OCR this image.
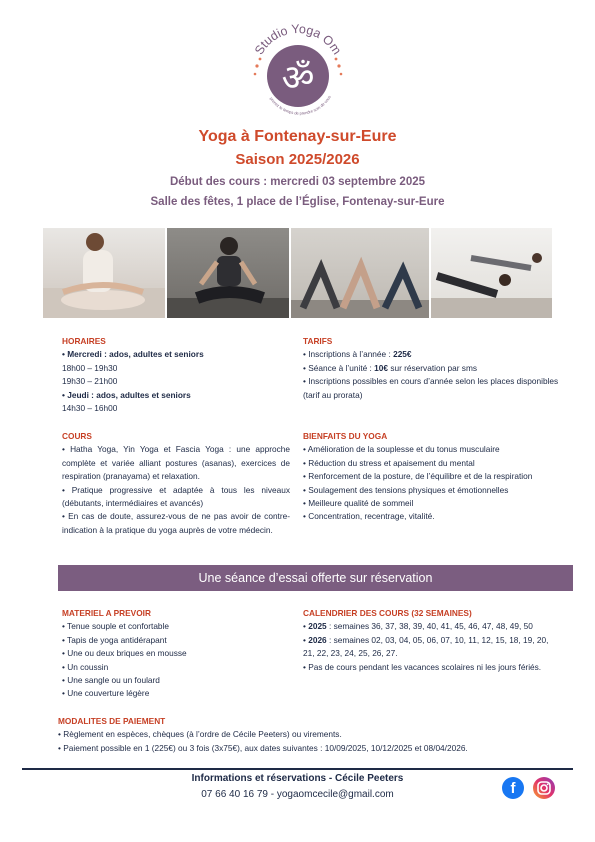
ॐ
Studio Yoga Om
prenez le temps de prendre soin de vous
Yoga à Fontenay-sur-Eure
Saison 2025/2026
Début des cours : mercredi 03 septembre 2025
Salle des fêtes, 1 place de l’Église, Fontenay-sur-Eure
HORAIRES
• Mercredi : ados, adultes et seniors
18h00 – 19h30
19h30 – 21h00
• Jeudi : ados, adultes et seniors
14h30 – 16h00
TARIFS
• Inscriptions à l’année : 225€
• Séance à l’unité : 10€ sur réservation par sms
• Inscriptions possibles en cours d’année selon les places disponibles (tarif au prorata)
COURS
• Hatha Yoga, Yin Yoga et Fascia Yoga : une approche complète et variée alliant postures (asanas), exercices de respiration (pranayama) et relaxation.
• Pratique progressive et adaptée à tous les niveaux (débutants, intermédiaires et avancés)
• En cas de doute, assurez-vous de ne pas avoir de contre-indication à la pratique du yoga auprès de votre médecin.
BIENFAITS DU YOGA
• Amélioration de la souplesse et du tonus musculaire
• Réduction du stress et apaisement du mental
• Renforcement de la posture, de l’équilibre et de la respiration
• Soulagement des tensions physiques et émotionnelles
• Meilleure qualité de sommeil
• Concentration, recentrage, vitalité.
Une séance d’essai offerte sur réservation
MATERIEL A PREVOIR
• Tenue souple et confortable
• Tapis de yoga antidérapant
• Une ou deux briques en mousse
• Un coussin
• Une sangle ou un foulard
• Une couverture légère
CALENDRIER DES COURS (32 SEMAINES)
• 2025 : semaines 36, 37, 38, 39, 40, 41, 45, 46, 47, 48, 49, 50
• 2026 : semaines 02, 03, 04, 05, 06, 07, 10, 11, 12, 15, 18, 19, 20, 21, 22, 23, 24, 25, 26, 27.
• Pas de cours pendant les vacances scolaires ni les jours fériés.
MODALITES DE PAIEMENT
• Règlement en espèces, chèques (à l’ordre de Cécile Peeters) ou virements.
• Paiement possible en 1 (225€) ou 3 fois (3x75€), aux dates suivantes : 10/09/2025, 10/12/2025 et 08/04/2026.
Informations et réservations - Cécile Peeters
07 66 40 16 79 - yogaomcecile@gmail.com	f
